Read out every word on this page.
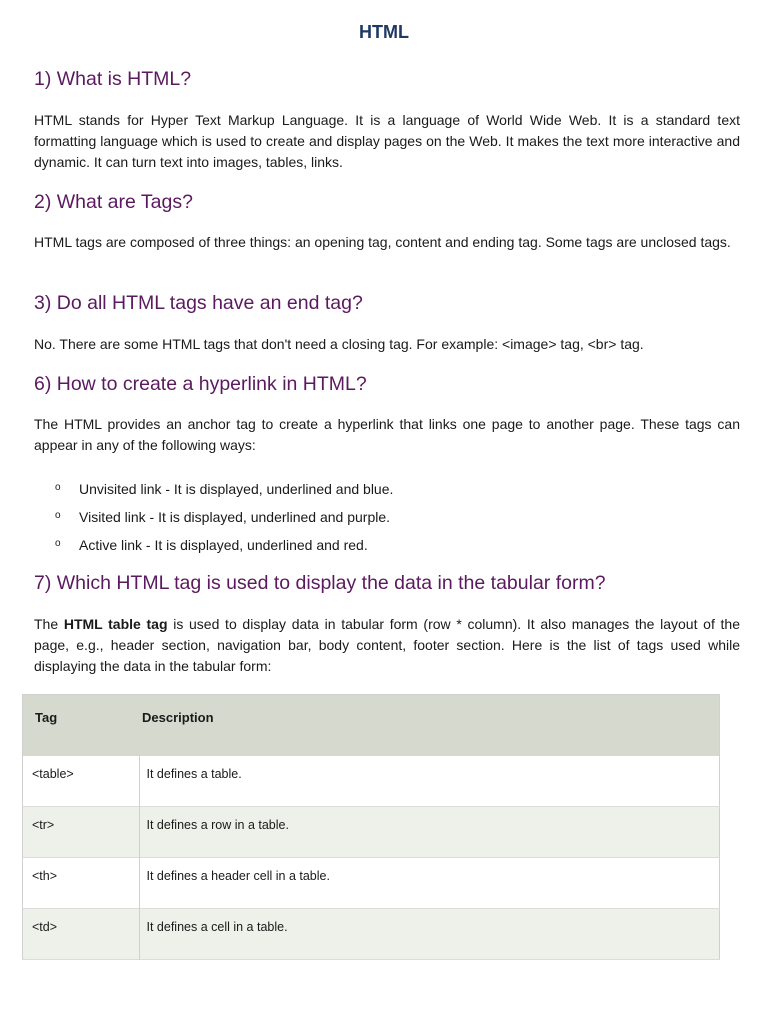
HTML
1) What is HTML?

HTML stands for Hyper Text Markup Language. It is a language of World Wide Web. It is a standard text formatting language which is used to create and display pages on the Web. It makes the text more interactive and dynamic. It can turn text into images, tables, links.

2) What are Tags?

HTML tags are composed of three things: an opening tag, content and ending tag. Some tags are unclosed tags.

3) Do all HTML tags have an end tag?

No. There are some HTML tags that don't need a closing tag. For example: <image> tag, <br> tag.

6) How to create a hyperlink in HTML?

The HTML provides an anchor tag to create a hyperlink that links one page to another page. These tags can appear in any of the following ways:

o Unvisited link - It is displayed, underlined and blue.
o Visited link - It is displayed, underlined and purple.
o Active link - It is displayed, underlined and red.
7) Which HTML tag is used to display the data in the tabular form?

The HTML table tag is used to display data in tabular form (row * column). It also manages the layout of the page, e.g., header section, navigation bar, body content, footer section. Here is the list of tags used while displaying the data in the tabular form:

Tag	Description
<table>	It defines a table.
<tr>	It defines a row in a table.
<th>	It defines a header cell in a table.
<td>	It defines a cell in a table.
